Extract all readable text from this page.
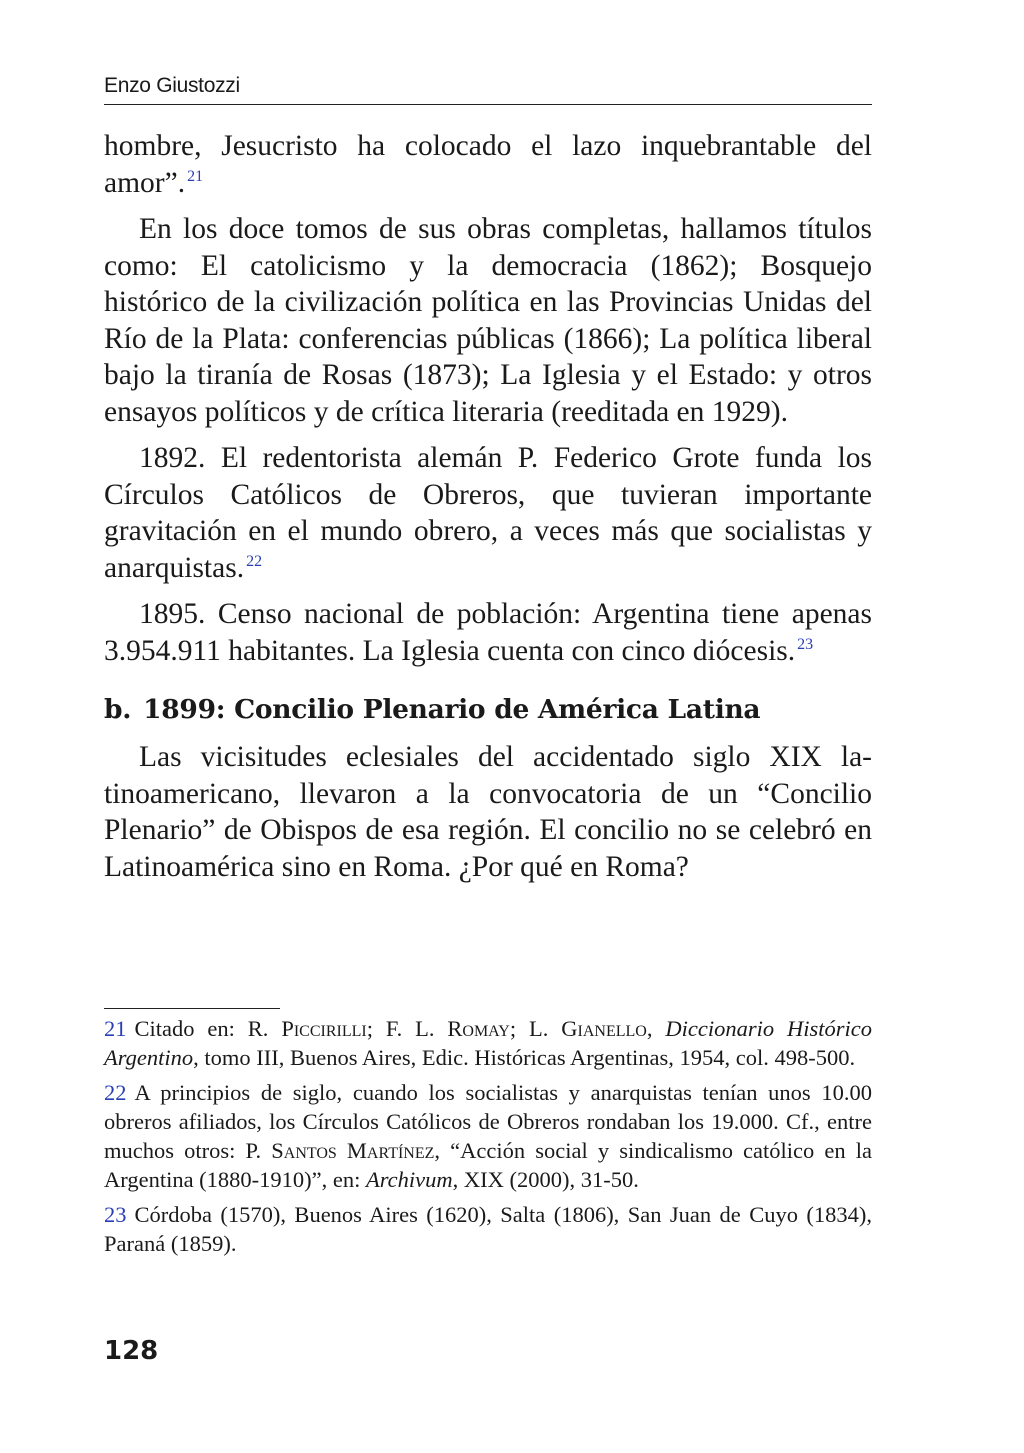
Enzo Giustozzi

hombre, Jesucristo ha colocado el lazo inquebrantable del amor”. $^{21}$

En los doce tomos de sus obras completas, hallamos títulos como: El catolicismo y la democracia (1862); Bosquejo histórico de la civilización política en las Provincias Unidas del Río de la Plata: conferencias públicas (1866); La política liberal bajo la tiranía de Rosas (1873); La Iglesia y el Estado: y otros ensayos políticos y de crítica literaria (reeditada en 1929).

1892. El redentorista alemán P. Federico Grote funda los Círculos Católicos de Obreros, que tuvieran importante gravitación en el mundo obrero, a veces más que socialistas y anarquistas. $^{22}$

1895. Censo nacional de población: Argentina tiene apenas 3.954.911 habitantes. La Iglesia cuenta con cinco diócesis. $^{23}$

b. 1899: Concilio Plenario de América Latina

Las vicisitudes eclesiales del accidentado siglo XIX latinoamericano, llevaron a la convocatoria de un “Concilio Plenario” de Obispos de esa región. El concilio no se celebró en Latinoamérica sino en Roma. ¿Por qué en Roma?

21 Citado en: R. Piccirilli; F. L. Romay; L. Gianello, Diccionario Histórico Argentino, tomo III, Buenos Aires, Edic. Históricas Argentinas, 1954, col. 498-500.

22 A principios de siglo, cuando los socialistas y anarquistas tenían unos 10.00 obreros afiliados, los Círculos Católicos de Obreros rondaban los 19.000. Cf., entre muchos otros: P. Santos Martínez, “Acción social y sindicalismo católico en la Argentina (1880-1910)”, en: Archivum, XIX (2000), 31-50.

23 Córdoba (1570), Buenos Aires (1620), Salta (1806), San Juan de Cuyo (1834), Paraná (1859).

128
